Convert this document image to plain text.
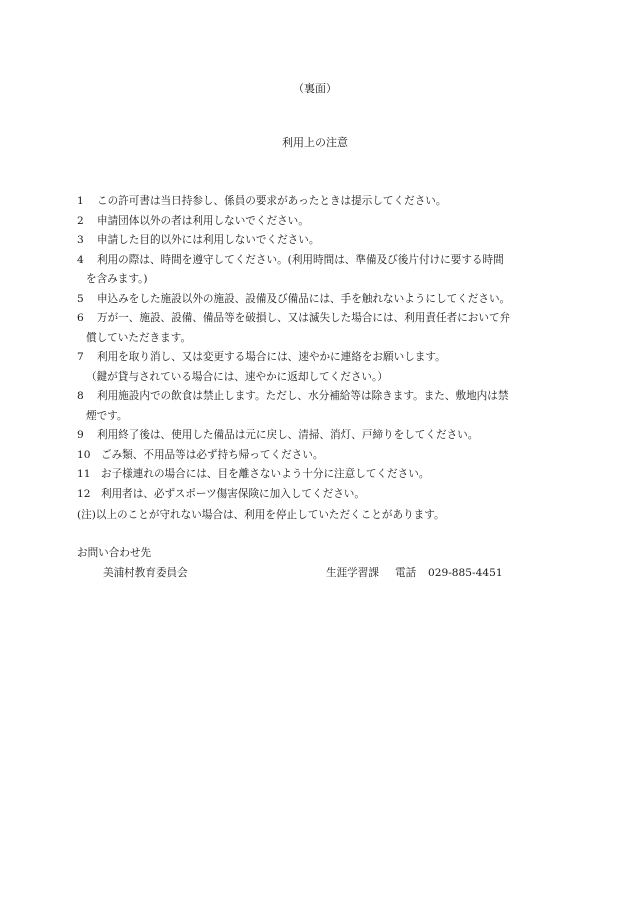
（裏面）
利用上の注意
1	この許可書は当日持参し、係員の要求があったときは提示してください。
2	申請団体以外の者は利用しないでください。
3	申請した目的以外には利用しないでください。
4	利用の際は、時間を遵守してください。(利用時間は、準備及び後片付けに要する時間
を含みます。)
5	申込みをした施設以外の施設、設備及び備品には、手を触れないようにしてください。
6	万が一、施設、設備、備品等を破損し、又は滅失した場合には、利用責任者において弁
償していただきます。
7	利用を取り消し、又は変更する場合には、速やかに連絡をお願いします。
（鍵が貸与されている場合には、速やかに返却してください。）
8	利用施設内での飲食は禁止します。ただし、水分補給等は除きます。また、敷地内は禁
煙です。
9	利用終了後は、使用した備品は元に戻し、清掃、消灯、戸締りをしてください。
10 ごみ類、不用品等は必ず持ち帰ってください。
11 お子様連れの場合には、目を離さないよう十分に注意してください。
12 利用者は、必ずスポーツ傷害保険に加入してください。
(注)以上のことが守れない場合は、利用を停止していただくことがあります。
お問い合わせ先
美浦村教育委員会	生涯学習課 電話 029-885-4451
